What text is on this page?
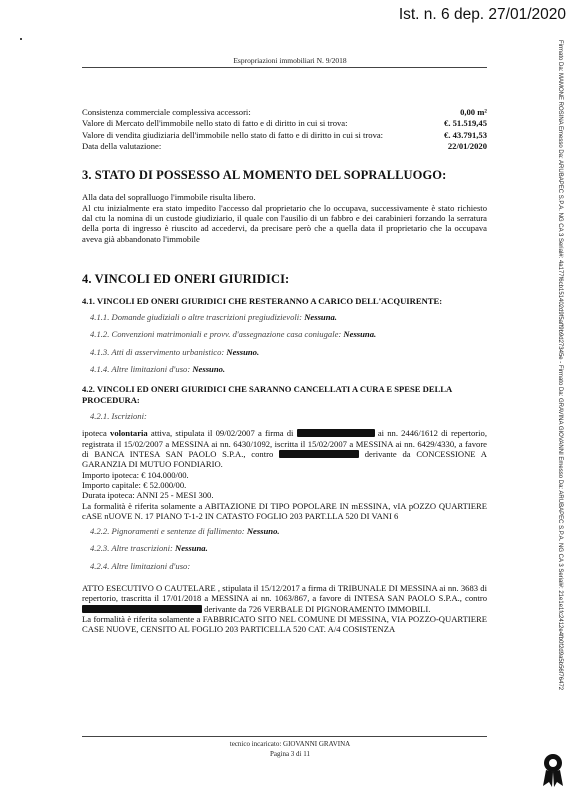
Ist. n. 6 dep. 27/01/2020
Espropriazioni immobiliari N. 9/2018
Consistenza commerciale complessiva accessori:	0,00 m²
Valore di Mercato dell'immobile nello stato di fatto e di diritto in cui si trova:	€. 51.519,45
Valore di vendita giudiziaria dell'immobile nello stato di fatto e di diritto in cui si trova:	€. 43.791,53
Data della valutazione:	22/01/2020
3. STATO DI POSSESSO AL MOMENTO DEL SOPRALLUOGO:

Alla data del sopralluogo l'immobile risulta libero.

Al ctu inizialmente era stato impedito l'accesso dal proprietario che lo occupava, successivamente è stato richiesto dal ctu la nomina di un custode giudiziario, il quale con l'ausilio di un fabbro e dei carabinieri forzando la serratura della porta di ingresso è riuscito ad accedervi, da precisare però che a quella data il proprietario che la occupava aveva già abbandonato l'immobile

4. VINCOLI ED ONERI GIURIDICI:
4.1. VINCOLI ED ONERI GIURIDICI CHE RESTERANNO A CARICO DELL'ACQUIRENTE:
4.1.1. Domande giudiziali o altre trascrizioni pregiudizievoli: Nessuna.
4.1.2. Convenzioni matrimoniali e provv. d'assegnazione casa coniugale: Nessuna.
4.1.3. Atti di asservimento urbanistico: Nessuno.
4.1.4. Altre limitazioni d'uso: Nessuno.
4.2. VINCOLI ED ONERI GIURIDICI CHE SARANNO CANCELLATI A CURA E SPESE DELLA PROCEDURA:
4.2.1. Iscrizioni:

ipoteca volontaria attiva, stipulata il 09/02/2007 a firma di	ai nn. 2446/1612 di repertorio, registrata il 15/02/2007 a MESSINA ai nn. 6430/1092, iscritta il 15/02/2007 a MESSINA ai nn. 6429/4330, a favore di BANCA INTESA SAN PAOLO S.P.A., contro	derivante da CONCESSIONE A GARANZIA DI MUTUO FONDIARIO.

Importo ipoteca: € 104.000/00.

Importo capitale: € 52.000/00.

Durata ipoteca: ANNI 25 - MESI 300.

La formalità è riferita solamente a ABITAZIONE DI TIPO POPOLARE IN mESSINA, vIA pOZZO QUARTIERE cASE nUOVE N. 17 PIANO T-1-2 IN CATASTO FOGLIO 203 PART.LLA 520 DI VANI 6

4.2.2. Pignoramenti e sentenze di fallimento: Nessuno.
4.2.3. Altre trascrizioni: Nessuna.
4.2.4. Altre limitazioni d'uso:

ATTO ESECUTIVO O CAUTELARE , stipulata il 15/12/2017 a firma di TRIBUNALE DI MESSINA ai nn. 3683 di repertorio, trascritta il 17/01/2018 a MESSINA ai nn. 1063/867, a favore di INTESA SAN PAOLO S.P.A., contro  derivante da 726 VERBALE DI PIGNORAMENTO IMMOBILI.

La formalità è riferita solamente a FABBRICATO SITO NEL COMUNE DI MESSINA, VIA POZZO-QUARTIERE CASE NUOVE, CENSITO AL FOGLIO 203 PARTICELLA 520 CAT. A/4 COSISTENZA

tecnico incaricato: GIOVANNI GRAVINA
Pagina 3 di 11
Firmato Da: MAMONE ROSINA Emesso Da: ARUBAPEC S.P.A. NG CA 3 Serial#: 4a177f6cb151402d9f5aff9b9d27345e - Firmato Da: GRAVINA GIOVANNI Emesso Da: ARUBAPEC S.P.A. NG CA 3 Serial#: 21e1e1fc2412e4fb0f2d9a5b56f76472
